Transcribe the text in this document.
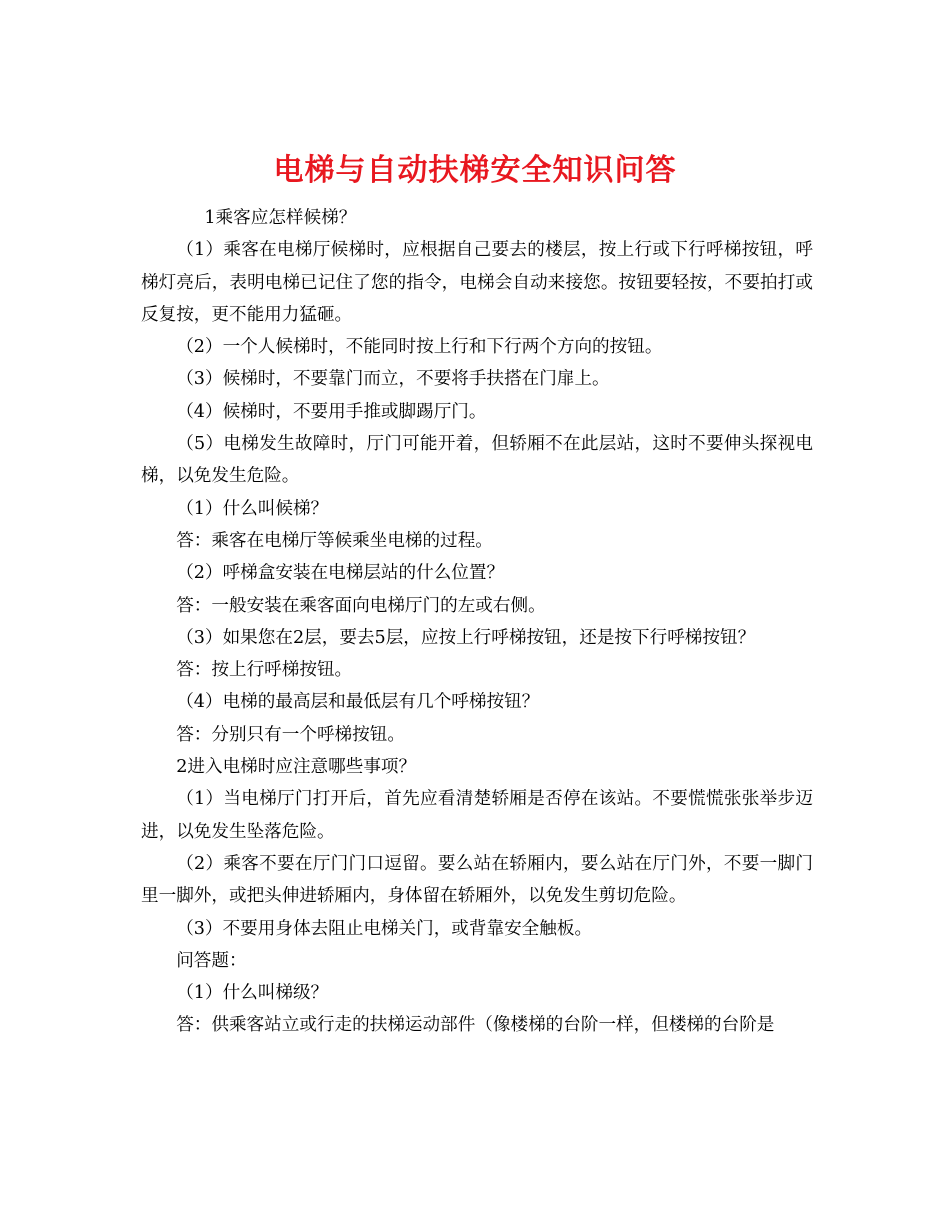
电梯与自动扶梯安全知识问答

1乘客应怎样候梯？

（1）乘客在电梯厅候梯时，应根据自己要去的楼层，按上行或下行呼梯按钮，呼梯灯亮后，表明电梯已记住了您的指令，电梯会自动来接您。按钮要轻按，不要拍打或反复按，更不能用力猛砸。

（2）一个人候梯时，不能同时按上行和下行两个方向的按钮。

（3）候梯时，不要靠门而立，不要将手扶搭在门扉上。

（4）候梯时，不要用手推或脚踢厅门。

（5）电梯发生故障时，厅门可能开着，但轿厢不在此层站，这时不要伸头探视电梯，以免发生危险。

（1）什么叫候梯？

答：乘客在电梯厅等候乘坐电梯的过程。

（2）呼梯盒安装在电梯层站的什么位置？

答：一般安装在乘客面向电梯厅门的左或右侧。

（3）如果您在2层，要去5层，应按上行呼梯按钮，还是按下行呼梯按钮？

答：按上行呼梯按钮。

（4）电梯的最高层和最低层有几个呼梯按钮？

答：分别只有一个呼梯按钮。

2进入电梯时应注意哪些事项？

（1）当电梯厅门打开后，首先应看清楚轿厢是否停在该站。不要慌慌张张举步迈进，以免发生坠落危险。

（2）乘客不要在厅门门口逗留。要么站在轿厢内，要么站在厅门外，不要一脚门里一脚外，或把头伸进轿厢内，身体留在轿厢外，以免发生剪切危险。

（3）不要用身体去阻止电梯关门，或背靠安全触板。

问答题：

（1）什么叫梯级？

答：供乘客站立或行走的扶梯运动部件（像楼梯的台阶一样，但楼梯的台阶是
